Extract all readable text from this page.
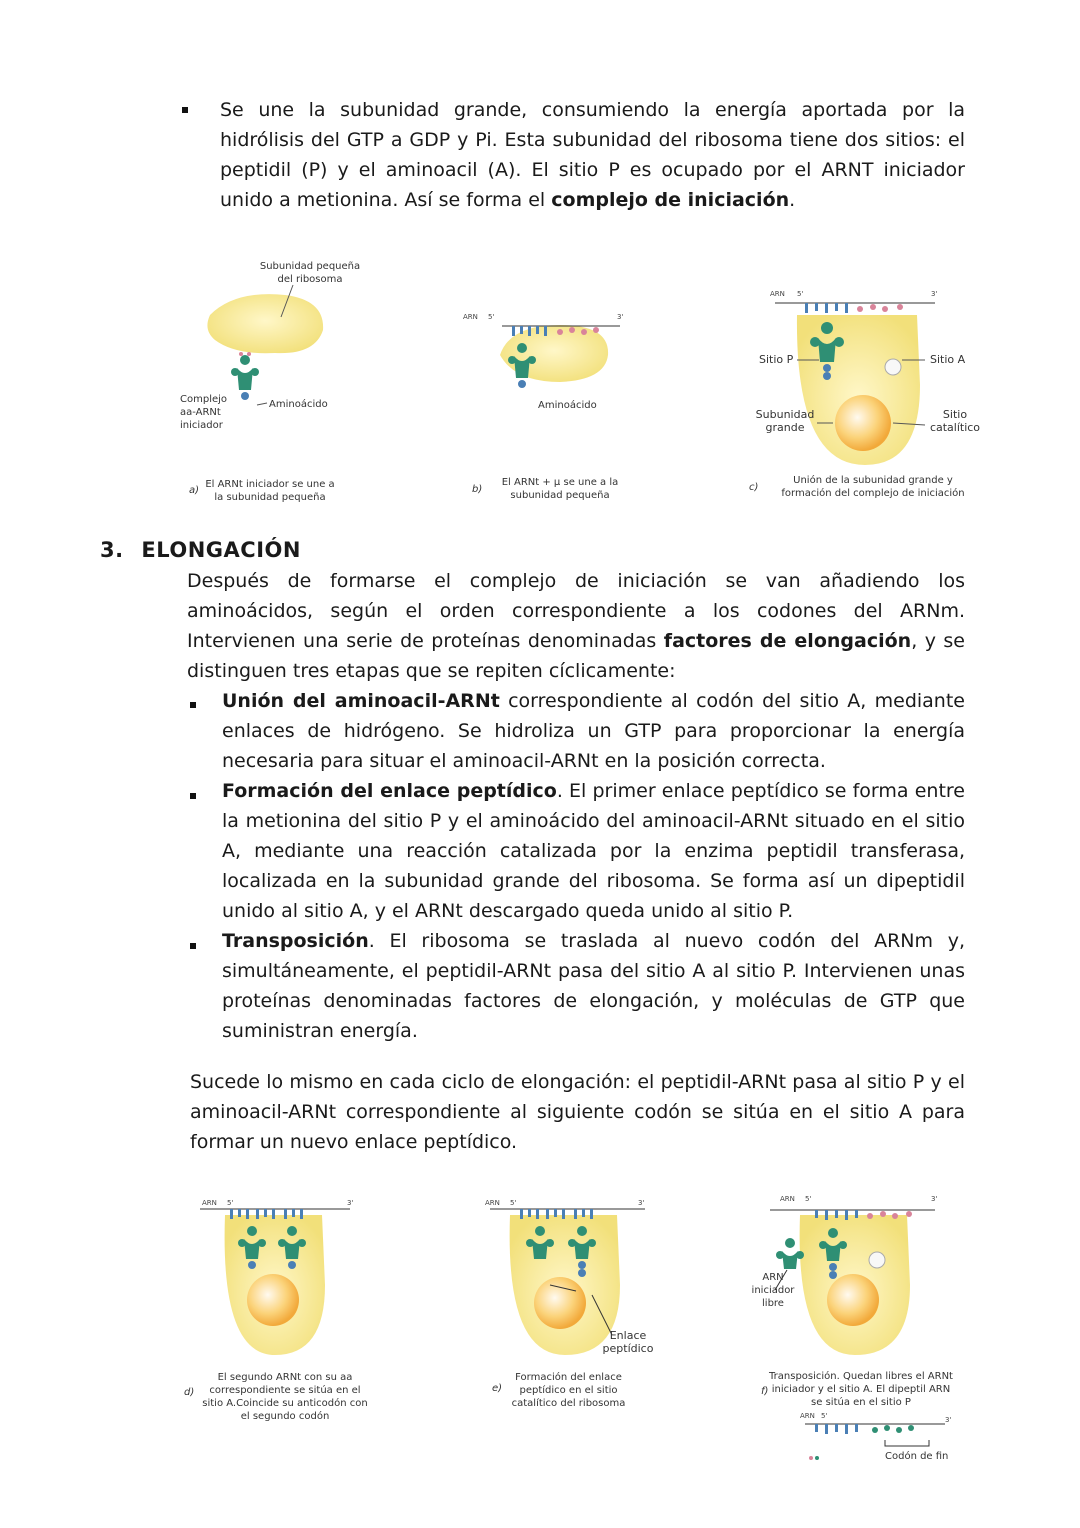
Se une la subunidad grande, consumiendo la energía aportada por la hidrólisis del GTP a GDP y Pi. Esta subunidad del ribosoma tiene dos sitios: el peptidil (P) y el aminoacil (A). El sitio P es ocupado por el ARNT iniciador unido a metionina. Así se forma el complejo de iniciación.
Subunidad pequeña del ribosoma
Complejo aa-ARNt iniciador
Aminoácido
a)
El ARNt iniciador se une a la subunidad pequeña
ARN 5'	3'
Aminoácido
b)
El ARNt + μ se une a la subunidad pequeña
ARN 5'	3'
Sitio P	Sitio A
Subunidad grande
Sitio catalítico
c)
Unión de la subunidad grande y formación del complejo de iniciación
3. ELONGACIÓN
Después de formarse el complejo de iniciación se van añadiendo los aminoácidos, según el orden correspondiente a los codones del ARNm. Intervienen una serie de proteínas denominadas factores de elongación, y se distinguen tres etapas que se repiten cíclicamente:
Unión del aminoacil-ARNt correspondiente al codón del sitio A, mediante enlaces de hidrógeno. Se hidroliza un GTP para proporcionar la energía necesaria para situar el aminoacil-ARNt en la posición correcta.
Formación del enlace peptídico. El primer enlace peptídico se forma entre la metionina del sitio P y el aminoácido del aminoacil-ARNt situado en el sitio A, mediante una reacción catalizada por la enzima peptidil transferasa, localizada en la subunidad grande del ribosoma. Se forma así un dipeptidil unido al sitio A, y el ARNt descargado queda unido al sitio P.
Transposición. El ribosoma se traslada al nuevo codón del ARNm y, simultáneamente, el peptidil-ARNt pasa del sitio A al sitio P. Intervienen unas proteínas denominadas factores de elongación, y moléculas de GTP que suministran energía.
Sucede lo mismo en cada ciclo de elongación: el peptidil-ARNt pasa al sitio P y el aminoacil-ARNt correspondiente al siguiente codón se sitúa en el sitio A para formar un nuevo enlace peptídico.
ARN 5'	3'
d)
El segundo ARNt con su aa correspondiente se sitúa en el sitio A.Coincide su anticodón con el segundo codón
ARN 5'	3'
Enlace peptídico
e)
Formación del enlace peptídico en el sitio catalítico del ribosoma
ARN 5'	3'
ARN iniciador libre
f)
Transposición. Quedan libres el ARNt iniciador y el sitio A. El dipeptil ARN se sitúa en el sitio P
ARN 5'	3'
Codón de fin
